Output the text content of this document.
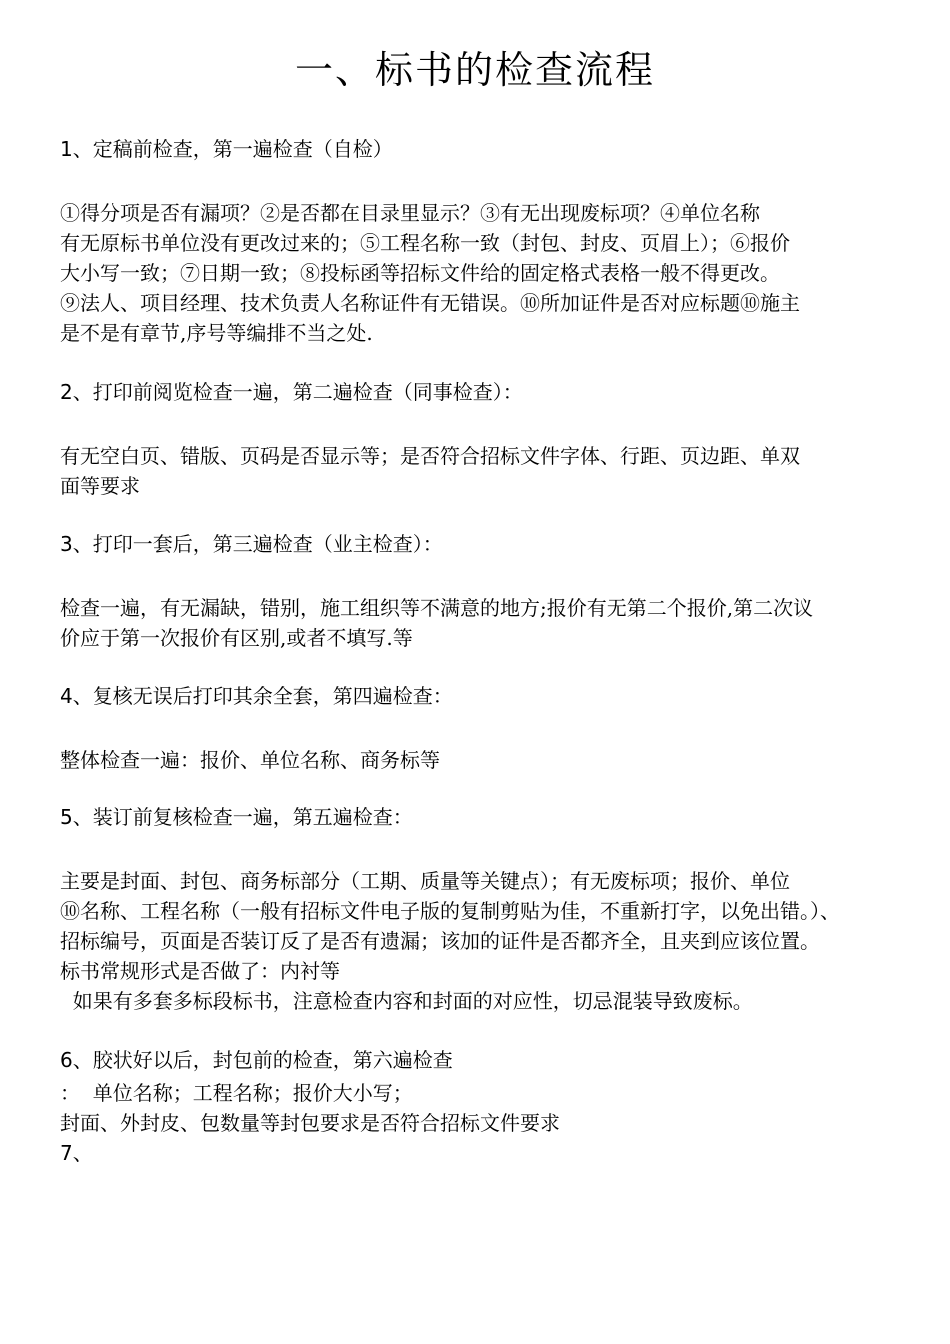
一、标书的检查流程
1、定稿前检查，第一遍检查（自检）
①得分项是否有漏项？②是否都在目录里显示？③有无出现废标项？④单位名称
有无原标书单位没有更改过来的；⑤工程名称一致（封包、封皮、页眉上）；⑥报价
大小写一致；⑦日期一致；⑧投标函等招标文件给的固定格式表格一般不得更改。
⑨法人、项目经理、技术负责人名称证件有无错误。⑩所加证件是否对应标题⑩施主
是不是有章节,序号等编排不当之处.
2、打印前阅览检查一遍，第二遍检查（同事检查）：
有无空白页、错版、页码是否显示等；是否符合招标文件字体、行距、页边距、单双
面等要求
3、打印一套后，第三遍检查（业主检查）：
检查一遍，有无漏缺，错别，施工组织等不满意的地方;报价有无第二个报价,第二次议
价应于第一次报价有区别,或者不填写.等
4、复核无误后打印其余全套，第四遍检查：
整体检查一遍：报价、单位名称、商务标等
5、装订前复核检查一遍，第五遍检查：
主要是封面、封包、商务标部分（工期、质量等关键点）；有无废标项；报价、单位
⑩名称、工程名称（一般有招标文件电子版的复制剪贴为佳，不重新打字，以免出错。）、
招标编号，页面是否装订反了是否有遗漏；该加的证件是否都齐全，且夹到应该位置。
标书常规形式是否做了：内衬等
如果有多套多标段标书，注意检查内容和封面的对应性，切忌混装导致废标。
6、胶状好以后，封包前的检查，第六遍检查
：  单位名称；工程名称；报价大小写；
封面、外封皮、包数量等封包要求是否符合招标文件要求
7、
